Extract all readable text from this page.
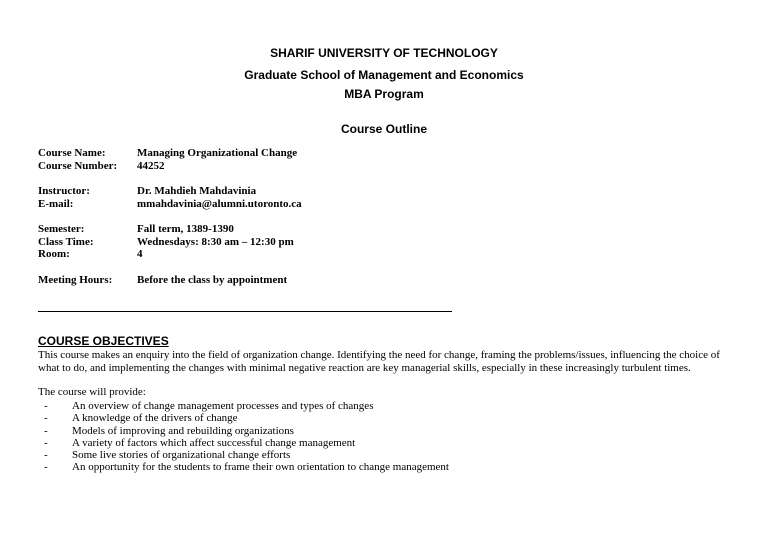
SHARIF UNIVERSITY OF TECHNOLOGY
Graduate School of Management and Economics
MBA Program
Course Outline
Course Name:	Managing Organizational Change
Course Number: 44252
Instructor:	Dr. Mahdieh Mahdavinia
E-mail:	mmahdavinia@alumni.utoronto.ca
Semester:	Fall term, 1389-1390
Class Time:	Wednesdays: 8:30 am – 12:30 pm
Room:	4
Meeting Hours: Before the class by appointment
COURSE OBJECTIVES
This course makes an enquiry into the field of organization change. Identifying the need for change, framing the problems/issues, influencing the choice of
what to do, and implementing the changes with minimal negative reaction are key managerial skills, especially in these increasingly turbulent times.
The course will provide:
- An overview of change management processes and types of changes
- A knowledge of the drivers of change
- Models of improving and rebuilding organizations
- A variety of factors which affect successful change management
- Some live stories of organizational change efforts
- An opportunity for the students to frame their own orientation to change management
